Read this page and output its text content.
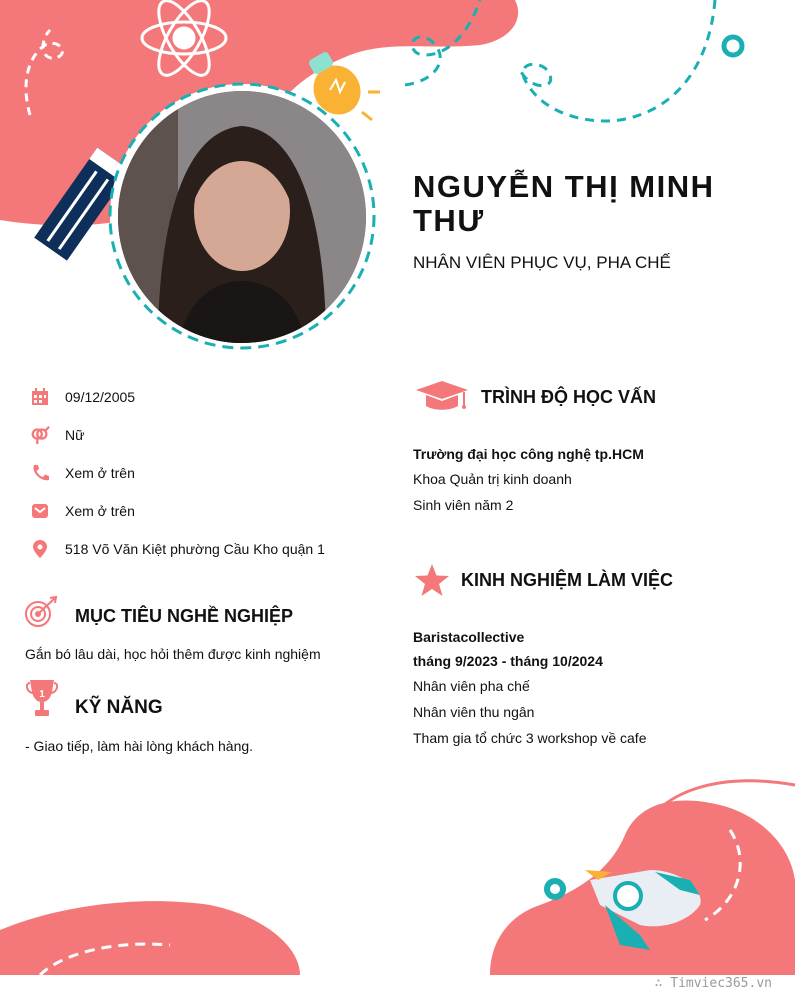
NGUYỄN THỊ MINH THƯ
NHÂN VIÊN PHỤC VỤ, PHA CHẾ
09/12/2005
Nữ
Xem ở trên
Xem ở trên
518 Võ Văn Kiệt phường Cầu Kho quận 1
MỤC TIÊU NGHỀ NGHIỆP
Gắn bó lâu dài, học hỏi thêm được kinh nghiệm
1
KỸ NĂNG
- Giao tiếp, làm hài lòng khách hàng.
TRÌNH ĐỘ HỌC VẤN
Trường đại học công nghệ tp.HCM
Khoa Quản trị kinh doanh
Sinh viên năm 2
KINH NGHIỆM LÀM VIỆC
Baristacollective
tháng 9/2023 - tháng 10/2024
Nhân viên pha chế
Nhân viên thu ngân
Tham gia tổ chức 3 workshop về cafe
∴ Timviec365.vn
